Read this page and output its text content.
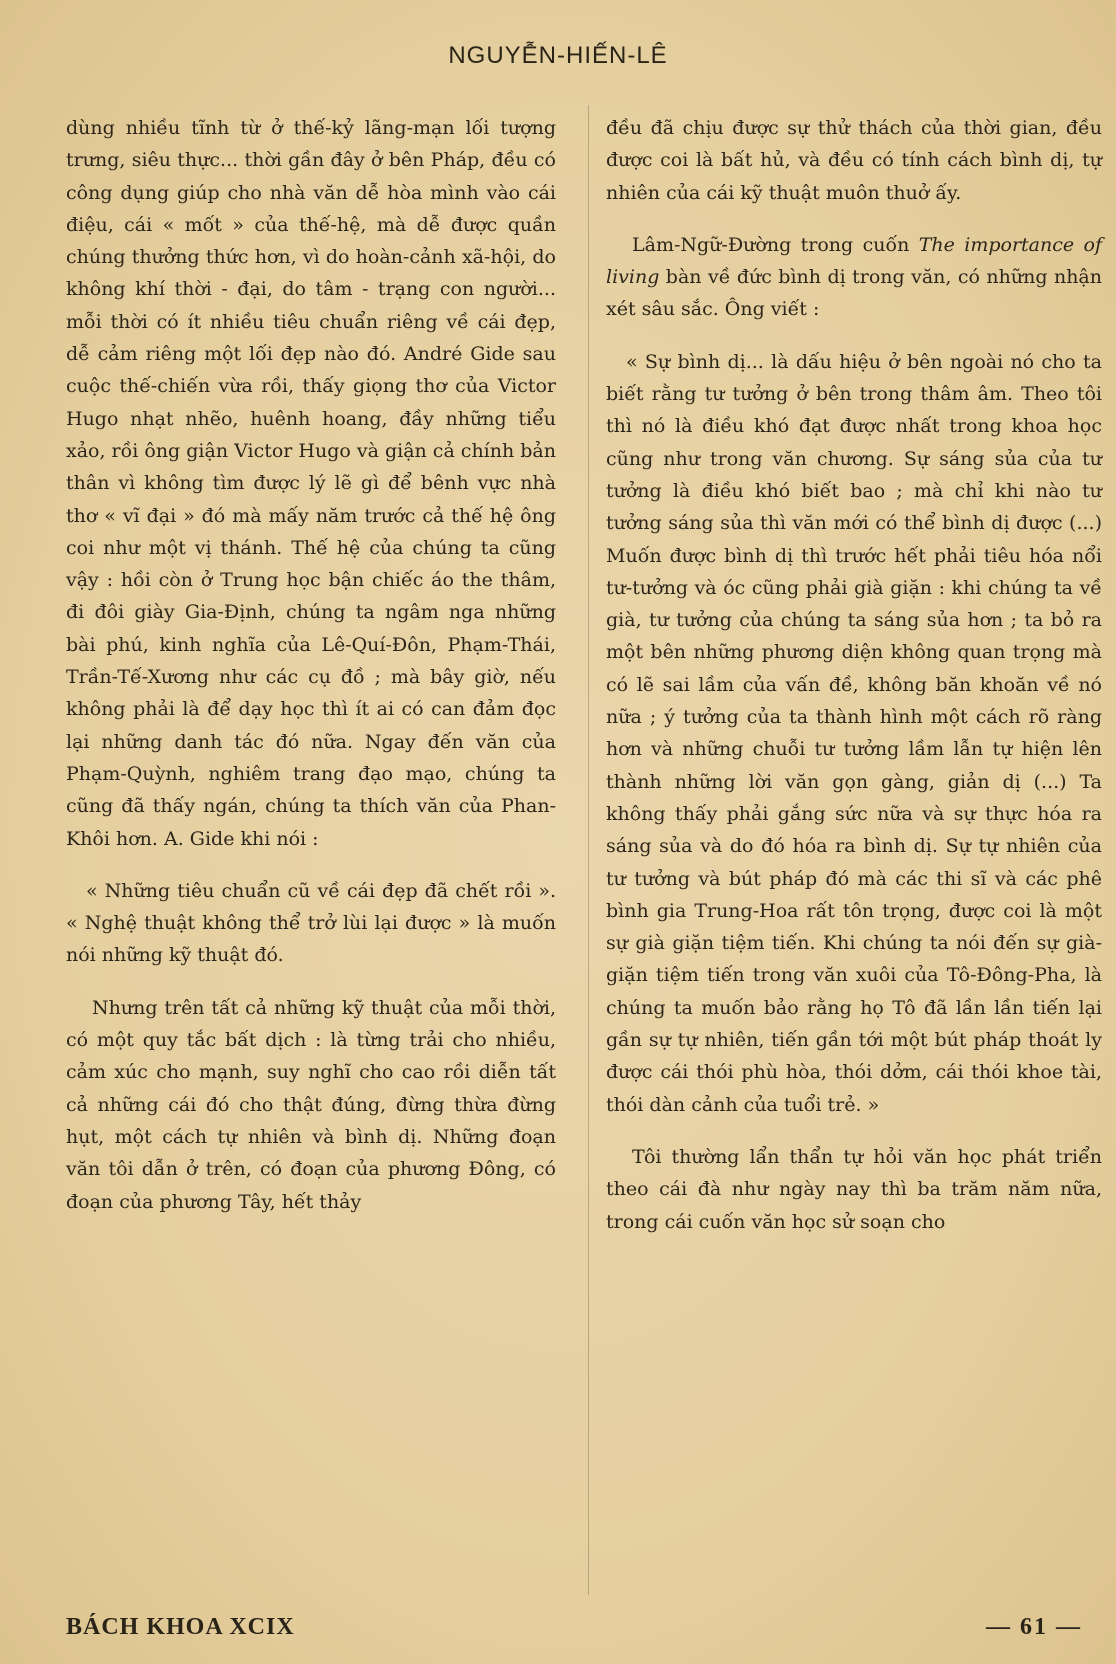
NGUYỄN-HIẾN-LÊ

dùng nhiều tĩnh từ ở thế-kỷ lãng-mạn lối tượng trưng, siêu thực... thời gần đây ở bên Pháp, đều có công dụng giúp cho nhà văn dễ hòa mình vào cái điệu, cái « mốt » của thế-hệ, mà dễ được quần chúng thưởng thức hơn, vì do hoàn-cảnh xã-hội, do không khí thời - đại, do tâm - trạng con người... mỗi thời có ít nhiều tiêu chuẩn riêng về cái đẹp, dễ cảm riêng một lối đẹp nào đó. André Gide sau cuộc thế-chiến vừa rồi, thấy giọng thơ của Victor Hugo nhạt nhẽo, huênh hoang, đầy những tiểu xảo, rồi ông giận Victor Hugo và giận cả chính bản thân vì không tìm được lý lẽ gì để bênh vực nhà thơ « vĩ đại » đó mà mấy năm trước cả thế hệ ông coi như một vị thánh. Thế hệ của chúng ta cũng vậy : hồi còn ở Trung học bận chiếc áo the thâm, đi đôi giày Gia-Định, chúng ta ngâm nga những bài phú, kinh nghĩa của Lê-Quí-Đôn, Phạm-Thái, Trần-Tế-Xương như các cụ đồ ; mà bây giờ, nếu không phải là để dạy học thì ít ai có can đảm đọc lại những danh tác đó nữa. Ngay đến văn của Phạm-Quỳnh, nghiêm trang đạo mạo, chúng ta cũng đã thấy ngán, chúng ta thích văn của Phan-Khôi hơn. A. Gide khi nói :

« Những tiêu chuẩn cũ về cái đẹp đã chết rồi ». « Nghệ thuật không thể trở lùi lại được » là muốn nói những kỹ thuật đó.

Nhưng trên tất cả những kỹ thuật của mỗi thời, có một quy tắc bất dịch : là từng trải cho nhiều, cảm xúc cho mạnh, suy nghĩ cho cao rồi diễn tất cả những cái đó cho thật đúng, đừng thừa đừng hụt, một cách tự nhiên và bình dị. Những đoạn văn tôi dẫn ở trên, có đoạn của phương Đông, có đoạn của phương Tây, hết thảy

đều đã chịu được sự thử thách của thời gian, đều được coi là bất hủ, và đều có tính cách bình dị, tự nhiên của cái kỹ thuật muôn thuở ấy.

Lâm-Ngữ-Đường trong cuốn The importance of living bàn về đức bình dị trong văn, có những nhận xét sâu sắc. Ông viết :

« Sự bình dị... là dấu hiệu ở bên ngoài nó cho ta biết rằng tư tưởng ở bên trong thâm âm. Theo tôi thì nó là điều khó đạt được nhất trong khoa học cũng như trong văn chương. Sự sáng sủa của tư tưởng là điều khó biết bao ; mà chỉ khi nào tư tưởng sáng sủa thì văn mới có thể bình dị được (...) Muốn được bình dị thì trước hết phải tiêu hóa nổi tư-tưởng và óc cũng phải già giặn : khi chúng ta về già, tư tưởng của chúng ta sáng sủa hơn ; ta bỏ ra một bên những phương diện không quan trọng mà có lẽ sai lầm của vấn đề, không băn khoăn về nó nữa ; ý tưởng của ta thành hình một cách rõ ràng hơn và những chuỗi tư tưởng lầm lẫn tự hiện lên thành những lời văn gọn gàng, giản dị (...) Ta không thấy phải gắng sức nữa và sự thực hóa ra sáng sủa và do đó hóa ra bình dị. Sự tự nhiên của tư tưởng và bút pháp đó mà các thi sĩ và các phê bình gia Trung-Hoa rất tôn trọng, được coi là một sự già giặn tiệm tiến. Khi chúng ta nói đến sự già-giặn tiệm tiến trong văn xuôi của Tô-Đông-Pha, là chúng ta muốn bảo rằng họ Tô đã lần lần tiến lại gần sự tự nhiên, tiến gần tới một bút pháp thoát ly được cái thói phù hòa, thói dởm, cái thói khoe tài, thói dàn cảnh của tuổi trẻ. »

Tôi thường lẩn thẩn tự hỏi văn học phát triển theo cái đà như ngày nay thì ba trăm năm nữa, trong cái cuốn văn học sử soạn cho

BÁCH KHOA XCIX	— 61 —
